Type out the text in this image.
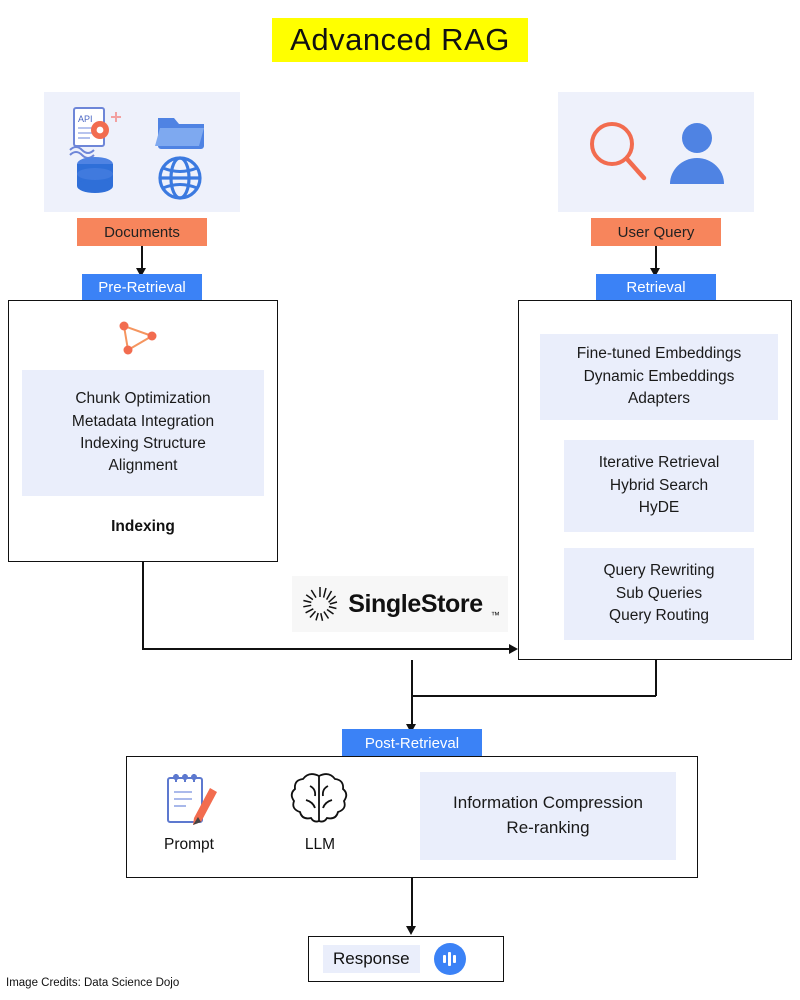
Advanced RAG
API
Documents
Pre-Retrieval
Chunk Optimization
Metadata Integration
Indexing Structure
Alignment
Indexing
User Query
Retrieval
Fine-tuned Embeddings
Dynamic Embeddings
Adapters
Iterative Retrieval
Hybrid Search
HyDE
Query Rewriting
Sub Queries
Query Routing
SingleStore ™
Post-Retrieval
Prompt	LLM
Information Compression
Re-ranking
Response
Image Credits: Data Science Dojo
